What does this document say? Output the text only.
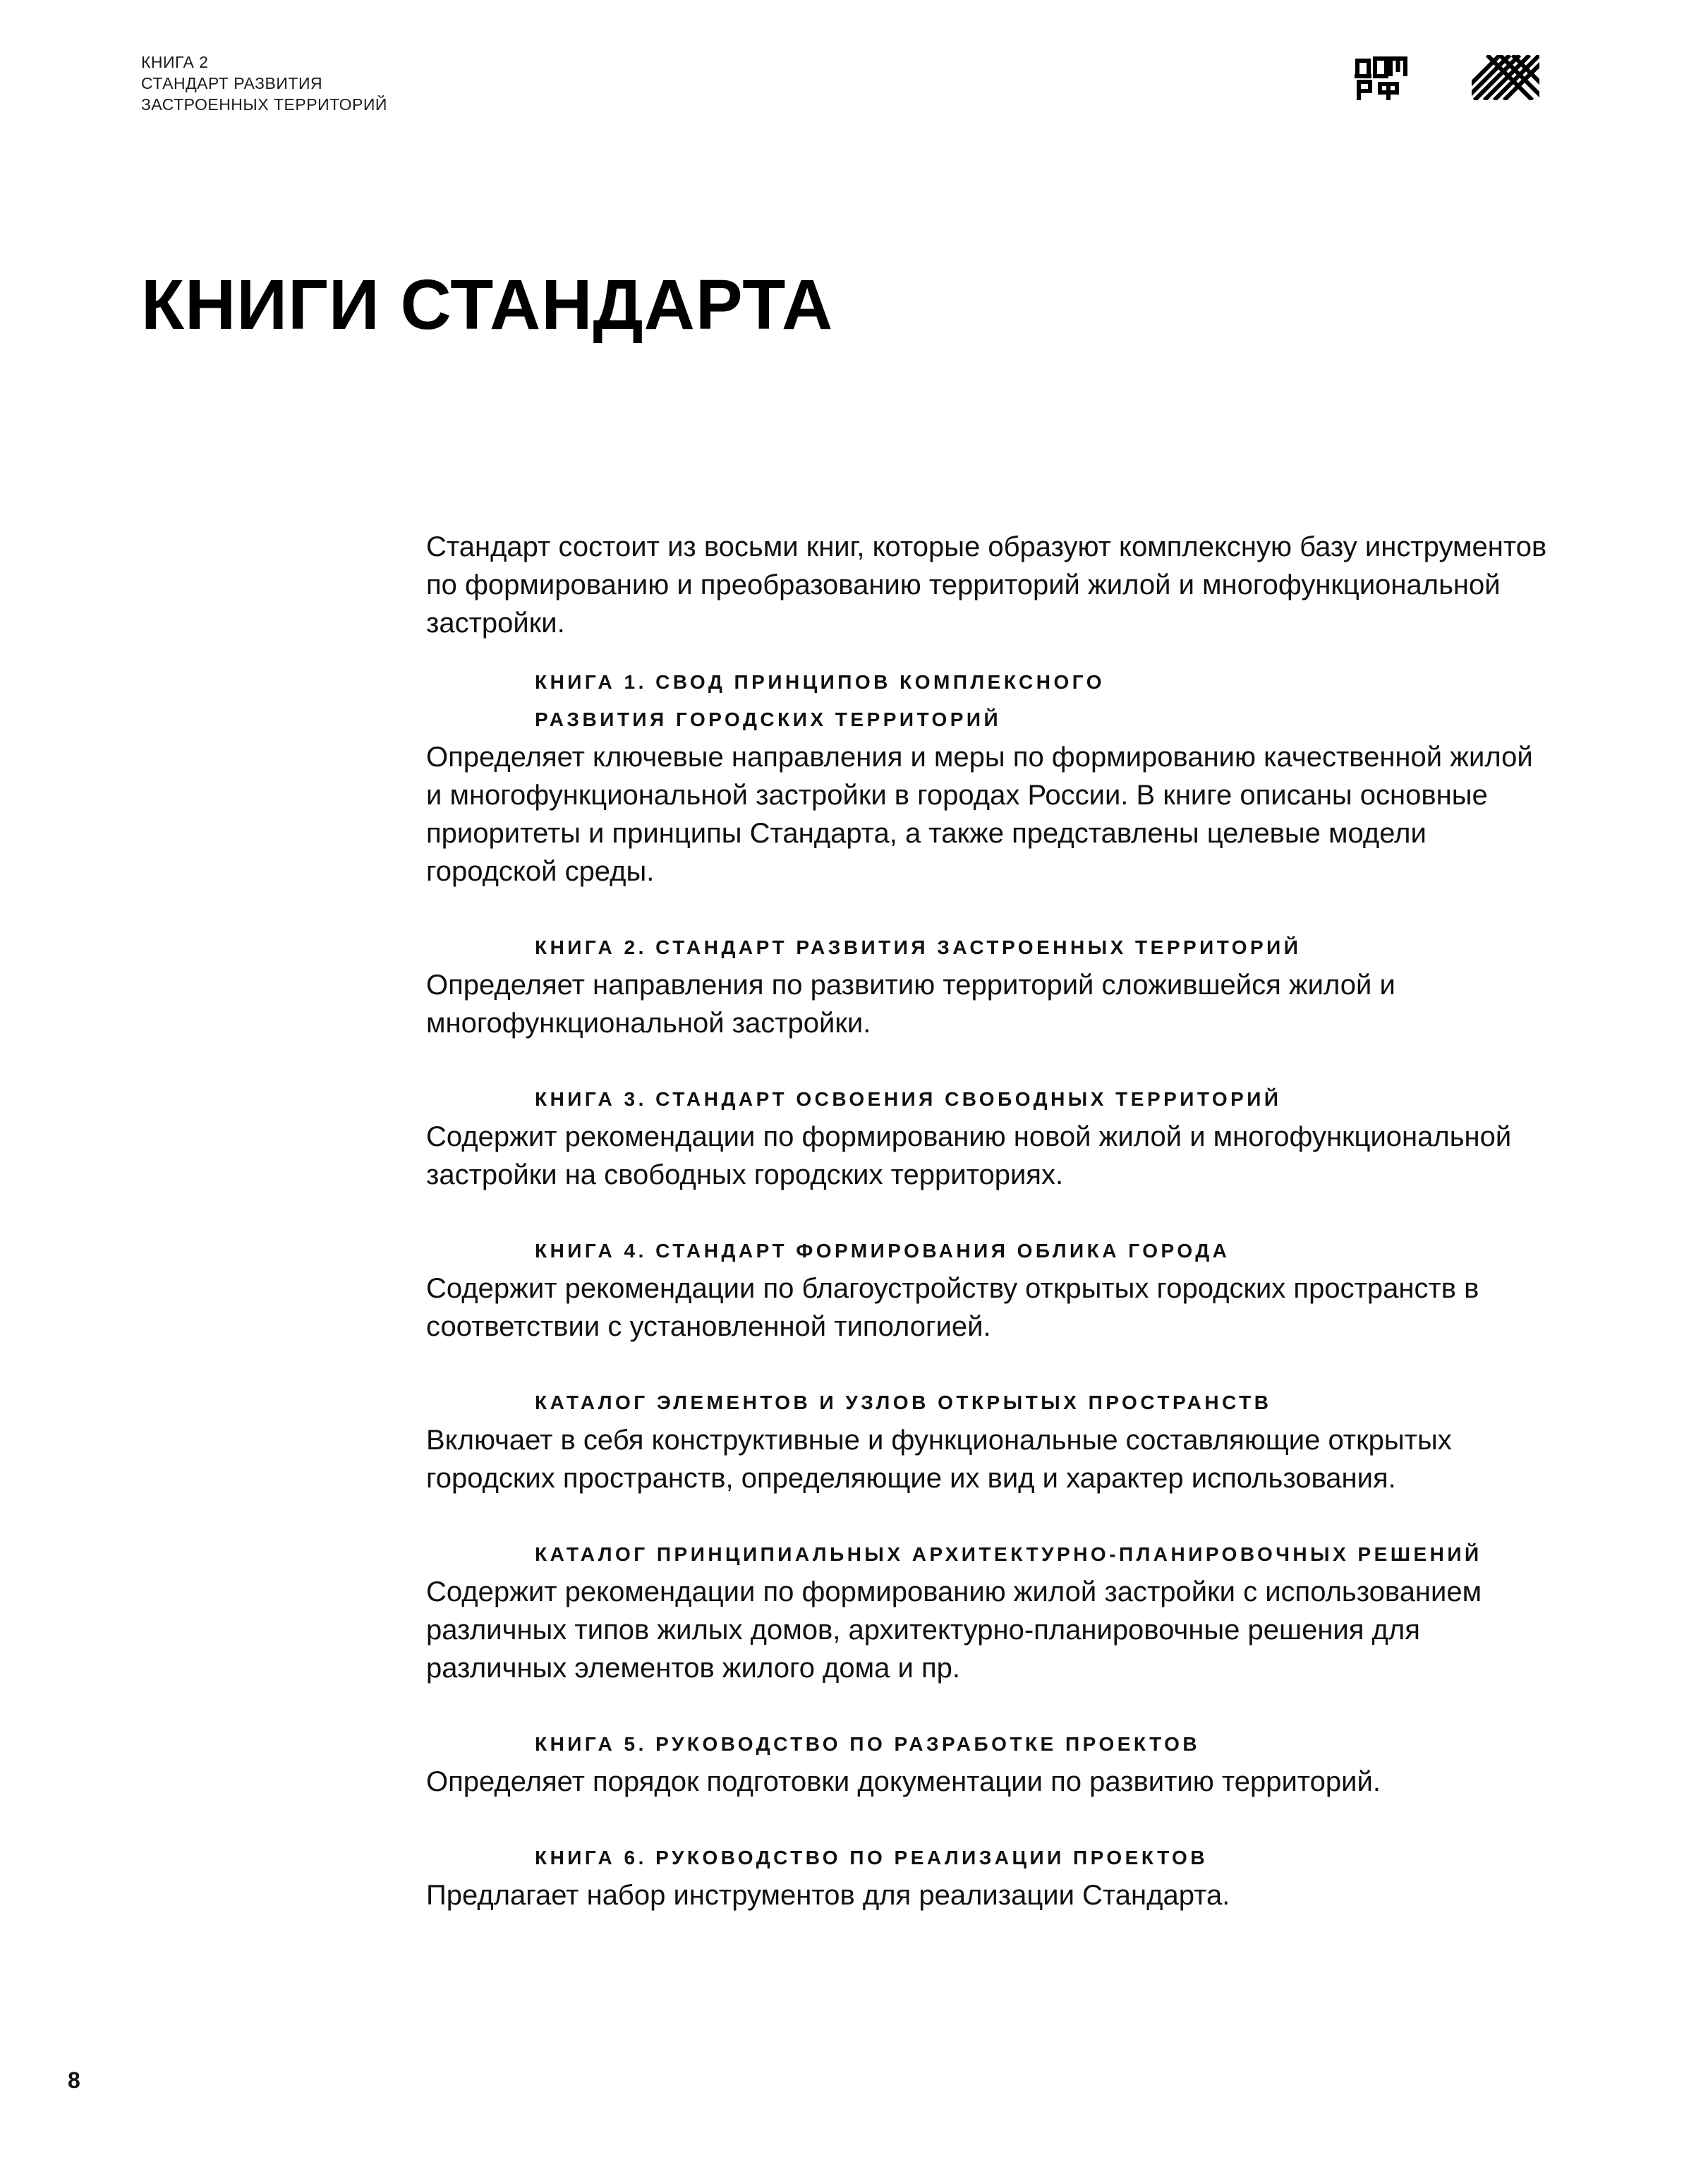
КНИГА 2
СТАНДАРТ РАЗВИТИЯ
ЗАСТРОЕННЫХ ТЕРРИТОРИЙ
КНИГИ СТАНДАРТА

Стандарт состоит из восьми книг, которые образуют комплексную базу инструментов по формированию и преобразованию территорий жилой и многофункциональной застройки.

КНИГА 1. СВОД ПРИНЦИПОВ КОМПЛЕКСНОГО
РАЗВИТИЯ ГОРОДСКИХ ТЕРРИТОРИЙ

Определяет ключевые направления и меры по формированию качественной жилой и многофункциональной застройки в городах России. В книге описаны основные приоритеты и принципы Стандарта, а также представлены целевые модели городской среды.

КНИГА 2. СТАНДАРТ РАЗВИТИЯ ЗАСТРОЕННЫХ ТЕРРИТОРИЙ

Определяет направления по развитию территорий сложившейся жилой и многофункциональной застройки.

КНИГА 3. СТАНДАРТ ОСВОЕНИЯ СВОБОДНЫХ ТЕРРИТОРИЙ

Содержит рекомендации по формированию новой жилой и многофункциональной застройки на свободных городских территориях.

КНИГА 4. СТАНДАРТ ФОРМИРОВАНИЯ ОБЛИКА ГОРОДА

Содержит рекомендации по благоустройству открытых городских пространств в соответствии с установленной типологией.

КАТАЛОГ ЭЛЕМЕНТОВ И УЗЛОВ ОТКРЫТЫХ ПРОСТРАНСТВ

Включает в себя конструктивные и функциональные составляющие открытых городских пространств, определяющие их вид и характер использования.

КАТАЛОГ ПРИНЦИПИАЛЬНЫХ АРХИТЕКТУРНО-ПЛАНИРОВОЧНЫХ РЕШЕНИЙ

Содержит рекомендации по формированию жилой застройки с использованием различных типов жилых домов, архитектурно-планировочные решения для различных элементов жилого дома и пр.

КНИГА 5. РУКОВОДСТВО ПО РАЗРАБОТКЕ ПРОЕКТОВ

Определяет порядок подготовки документации по развитию территорий.

КНИГА 6. РУКОВОДСТВО ПО РЕАЛИЗАЦИИ ПРОЕКТОВ

Предлагает набор инструментов для реализации Стандарта.

8
